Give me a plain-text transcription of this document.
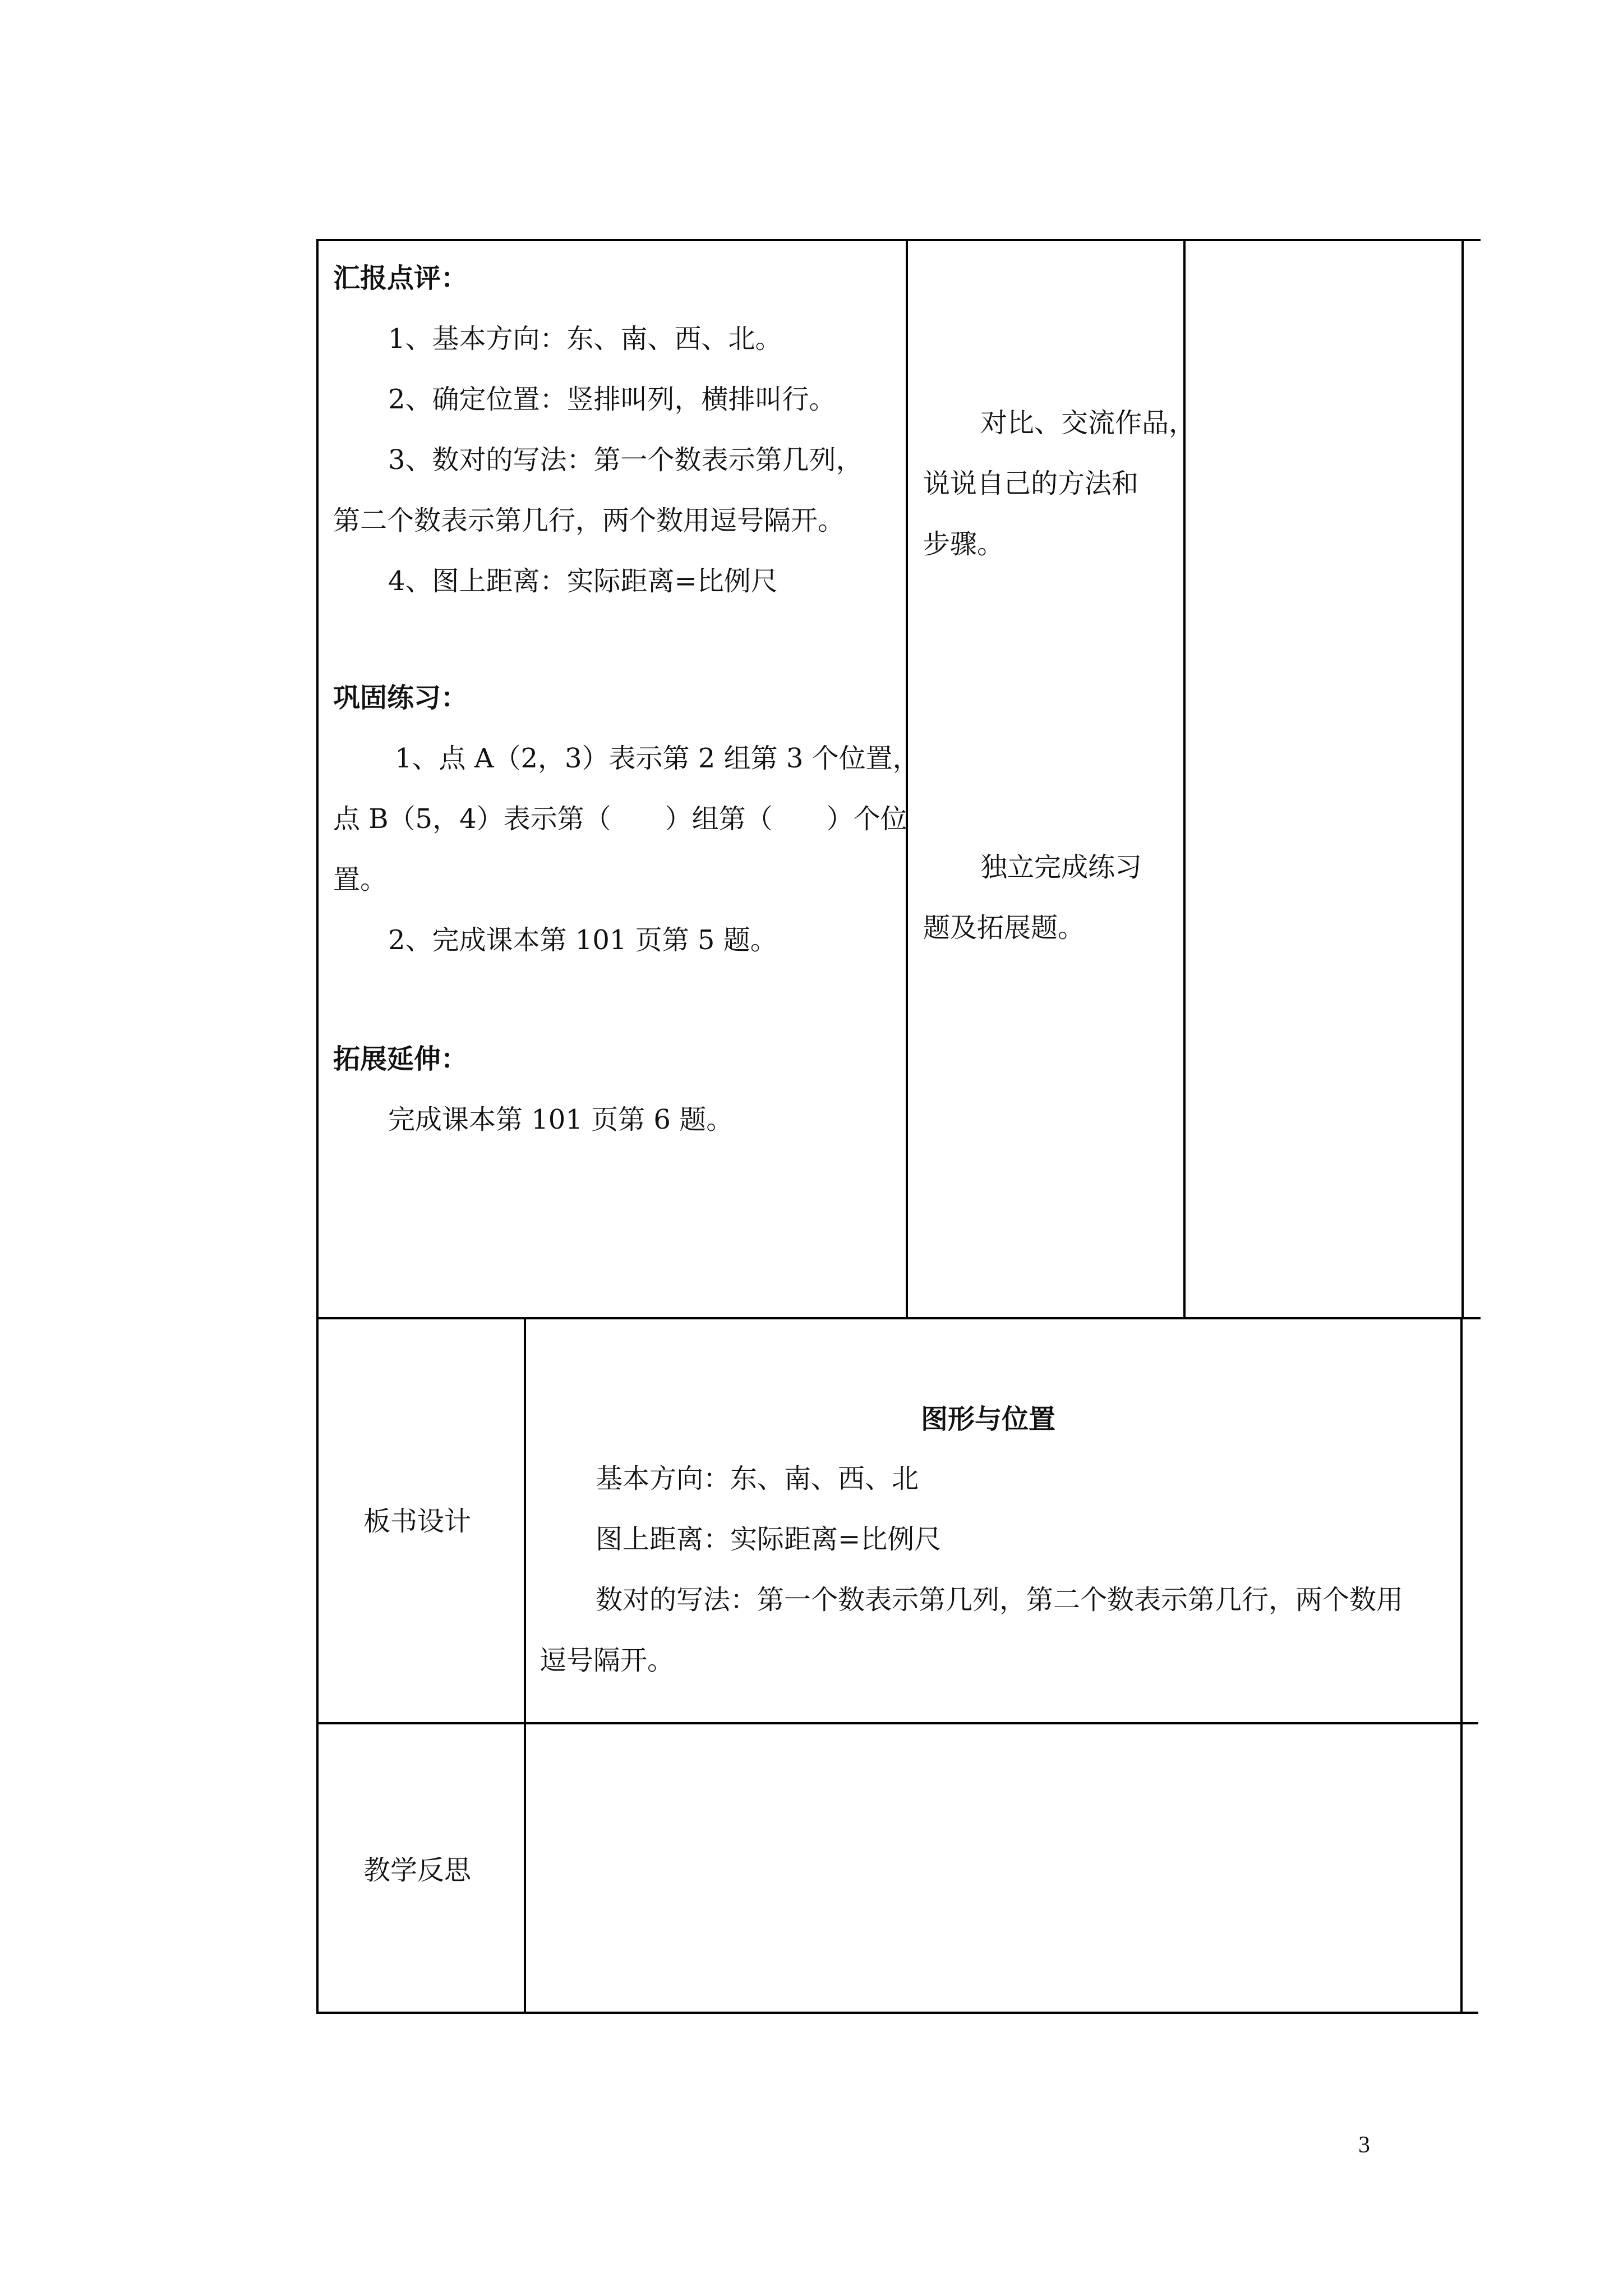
汇报点评：
1、基本方向：东、南、西、北。
2、确定位置：竖排叫列，横排叫行。
3、数对的写法：第一个数表示第几列，
第二个数表示第几行，两个数用逗号隔开。
4、图上距离：实际距离=比例尺
巩固练习：
1、点 A（2，3）表示第 2 组第 3 个位置，
点 B（5，4）表示第（　　）组第（　　）个位
置。
2、完成课本第 101 页第 5 题。
拓展延伸：
完成课本第 101 页第 6 题。
对比、交流作品，
说说自己的方法和
步骤。
独立完成练习
题及拓展题。
板书设计
图形与位置
基本方向：东、南、西、北
图上距离：实际距离=比例尺
数对的写法：第一个数表示第几列，第二个数表示第几行，两个数用
逗号隔开。
教学反思
3
